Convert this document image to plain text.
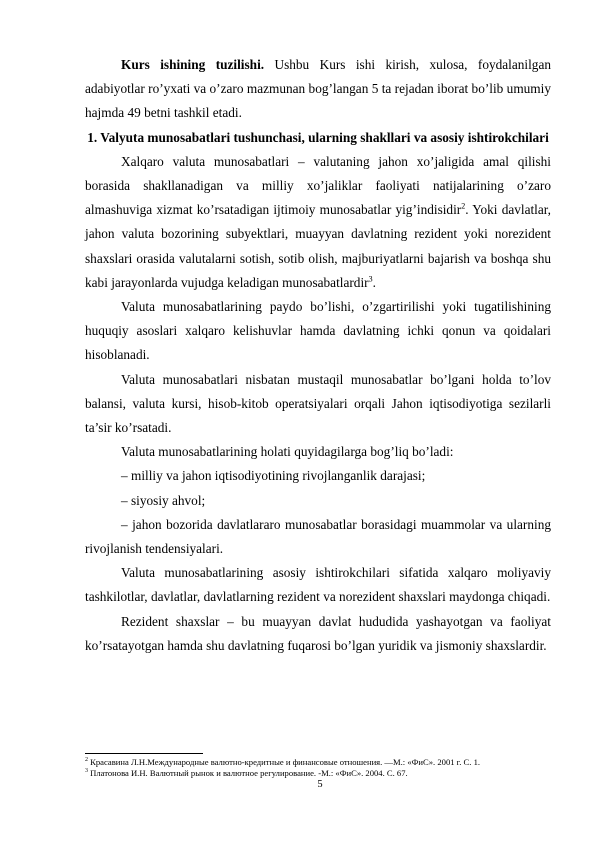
Kurs ishining tuzilishi. Ushbu Kurs ishi kirish, xulosa, foydalanilgan adabiyotlar ro’yxati va o’zaro mazmunan bog’langan 5 ta rejadan iborat bo’lib umumiy hajmda 49 betni tashkil etadi.

1. Valyuta munosabatlari tushunchasi, ularning shakllari va asosiy ishtirokchilari

Xalqaro valuta munosabatlari – valutaning jahon xo’jaligida amal qilishi borasida shakllanadigan va milliy xo’jaliklar faoliyati natijalarining o’zaro almashuviga xizmat ko’rsatadigan ijtimoiy munosabatlar yig’indisidir$^2$. Yoki davlatlar, jahon valuta bozorining subyektlari, muayyan davlatning rezident yoki norezident shaxslari orasida valutalarni sotish, sotib olish, majburiyatlarni bajarish va boshqa shu kabi jarayonlarda vujudga keladigan munosabatlardir$^3$.

Valuta munosabatlarining paydo bo’lishi, o’zgartirilishi yoki tugatilishining huquqiy asoslari xalqaro kelishuvlar hamda davlatning ichki qonun va qoidalari hisoblanadi.

Valuta munosabatlari nisbatan mustaqil munosabatlar bo’lgani holda to’lov balansi, valuta kursi, hisob-kitob operatsiyalari orqali Jahon iqtisodiyotiga sezilarli ta’sir ko’rsatadi.

Valuta munosabatlarining holati quyidagilarga bog’liq bo’ladi:

– milliy va jahon iqtisodiyotining rivojlanganlik darajasi;

– siyosiy ahvol;

– jahon bozorida davlatlararo munosabatlar borasidagi muammolar va ularning rivojlanish tendensiyalari.

Valuta munosabatlarining asosiy ishtirokchilari sifatida xalqaro moliyaviy tashkilotlar, davlatlar, davlatlarning rezident va norezident shaxslari maydonga chiqadi.

Rezident shaxslar – bu muayyan davlat hududida yashayotgan va faoliyat ko’rsatayotgan hamda shu davlatning fuqarosi bo’lgan yuridik va jismoniy shaxslardir.

$^2$ Красавина Л.Н.Международные валютно-кредитные и финансовые отношения. —М.: «ФиС». 2001 г. С. 1.
$^3$ Платонова И.Н. Валютный рынок и валютное регулирование. -М.: «ФиС». 2004. С. 67.
5
